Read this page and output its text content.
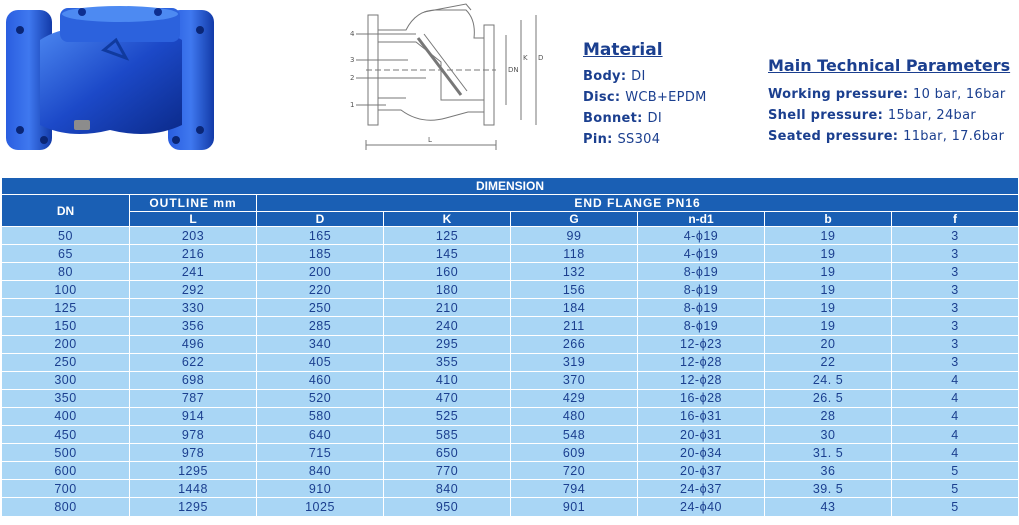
4
3
2
1
L
DN
K D Material
Body: DI
Disc: WCB+EPDM
Bonnet: DI
Pin: SS304
Main Technical Parameters
Working pressure: 10 bar, 16bar
Shell pressure: 15bar, 24bar
Seated pressure: 11bar, 17.6bar
DIMENSION							
DN	OUTLINE mm	END FLANGE PN16					
	L	D	K	G	n-d1	b	f
50	203	165	125	99	4-ϕ19	19	3
65	216	185	145	118	4-ϕ19	19	3
80	241	200	160	132	8-ϕ19	19	3
100	292	220	180	156	8-ϕ19	19	3
125	330	250	210	184	8-ϕ19	19	3
150	356	285	240	211	8-ϕ19	19	3
200	496	340	295	266	12-ϕ23	20	3
250	622	405	355	319	12-ϕ28	22	3
300	698	460	410	370	12-ϕ28	24. 5	4
350	787	520	470	429	16-ϕ28	26. 5	4
400	914	580	525	480	16-ϕ31	28	4
450	978	640	585	548	20-ϕ31	30	4
500	978	715	650	609	20-ϕ34	31. 5	4
600	1295	840	770	720	20-ϕ37	36	5
700	1448	910	840	794	24-ϕ37	39. 5	5
800	1295	1025	950	901	24-ϕ40	43	5
